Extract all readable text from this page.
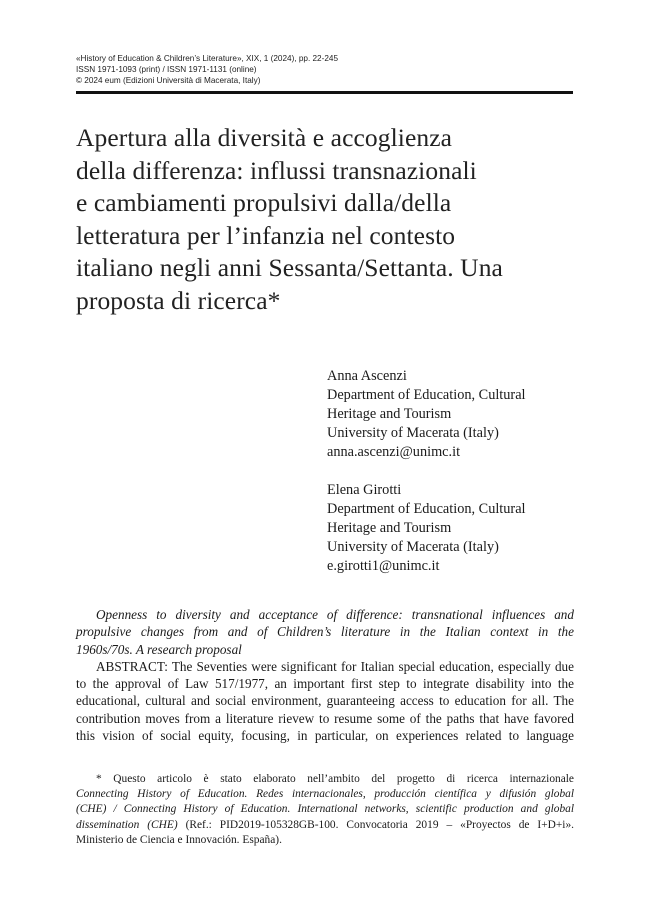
«History of Education & Children’s Literature», XIX, 1 (2024), pp. 22-245
ISSN 1971-1093 (print) / ISSN 1971-1131 (online)
© 2024 eum (Edizioni Università di Macerata, Italy)
Apertura alla diversità e accoglienza
della differenza: influssi transnazionali
e cambiamenti propulsivi dalla/della
letteratura per l’infanzia nel contesto
italiano negli anni Sessanta/Settanta. Una
proposta di ricerca*
Anna Ascenzi
Department of Education, Cultural
Heritage and Tourism
University of Macerata (Italy)
anna.ascenzi@unimc.it
Elena Girotti
Department of Education, Cultural
Heritage and Tourism
University of Macerata (Italy)
e.girotti1@unimc.it
Openness to diversity and acceptance of difference: transnational influences and
propulsive changes from and of Children’s literature in the Italian context in the
1960s/70s. A research proposal
ABSTRACT: The Seventies were significant for Italian special education, especially due
to the approval of Law 517/1977, an important first step to integrate disability into the
educational, cultural and social environment, guaranteeing access to education for all. The
contribution moves from a literature rievew to resume some of the paths that have favored
this vision of social equity, focusing, in particular, on experiences related to language
* Questo articolo è stato elaborato nell’ambito del progetto di ricerca internazionale
Connecting History of Education. Redes internacionales, producción científica y difusión global
(CHE) / Connecting History of Education. International networks, scientific production and global
dissemination (CHE) (Ref.: PID2019-105328GB-100. Convocatoria 2019 – «Proyectos de I+D+i».
Ministerio de Ciencia e Innovación. España).
